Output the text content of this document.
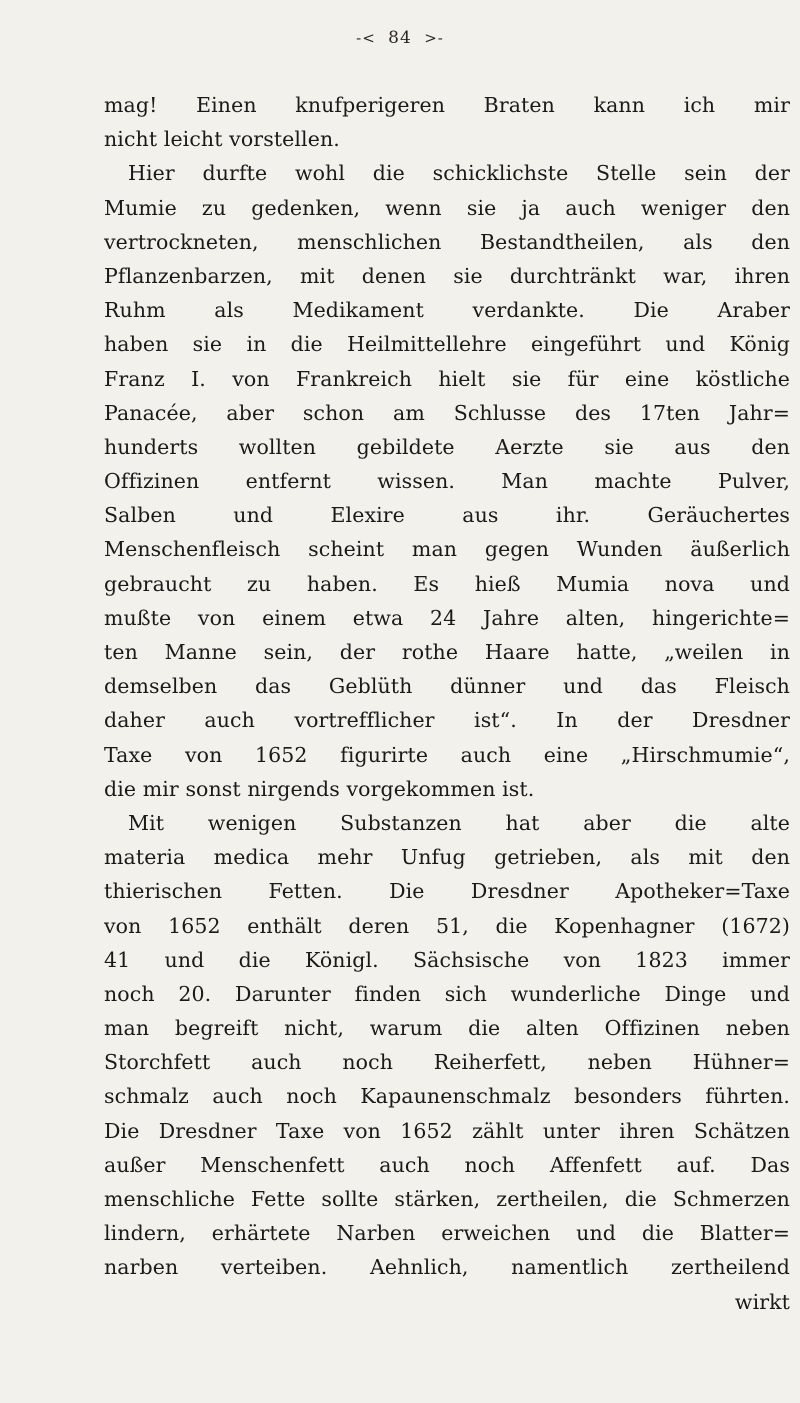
-< 84 >-
mag! Einen knufperigeren Braten kann ich mir
nicht leicht vorstellen.
Hier durfte wohl die schicklichste Stelle sein der
Mumie zu gedenken, wenn sie ja auch weniger den
vertrockneten, menschlichen Bestandtheilen, als den
Pflanzenbarzen, mit denen sie durchtränkt war, ihren
Ruhm als Medikament verdankte. Die Araber
haben sie in die Heilmittellehre eingeführt und König
Franz I. von Frankreich hielt sie für eine köstliche
Panacée, aber schon am Schlusse des 17ten Jahr=
hunderts wollten gebildete Aerzte sie aus den
Offizinen entfernt wissen. Man machte Pulver,
Salben und Elexire aus ihr. Geräuchertes
Menschenfleisch scheint man gegen Wunden äußerlich
gebraucht zu haben. Es hieß Mumia nova und
mußte von einem etwa 24 Jahre alten, hingerichte=
ten Manne sein, der rothe Haare hatte, „weilen in
demselben das Geblüth dünner und das Fleisch
daher auch vortrefflicher ist“. In der Dresdner
Taxe von 1652 figurirte auch eine „Hirschmumie“,
die mir sonst nirgends vorgekommen ist.
Mit wenigen Substanzen hat aber die alte
materia medica mehr Unfug getrieben, als mit den
thierischen Fetten. Die Dresdner Apotheker=Taxe
von 1652 enthält deren 51, die Kopenhagner (1672)
41 und die Königl. Sächsische von 1823 immer
noch 20. Darunter finden sich wunderliche Dinge und
man begreift nicht, warum die alten Offizinen neben
Storchfett auch noch Reiherfett, neben Hühner=
schmalz auch noch Kapaunenschmalz besonders führten.
Die Dresdner Taxe von 1652 zählt unter ihren Schätzen
außer Menschenfett auch noch Affenfett auf. Das
menschliche Fette sollte stärken, zertheilen, die Schmerzen
lindern, erhärtete Narben erweichen und die Blatter=
narben verteiben. Aehnlich, namentlich zertheilend
wirkt
